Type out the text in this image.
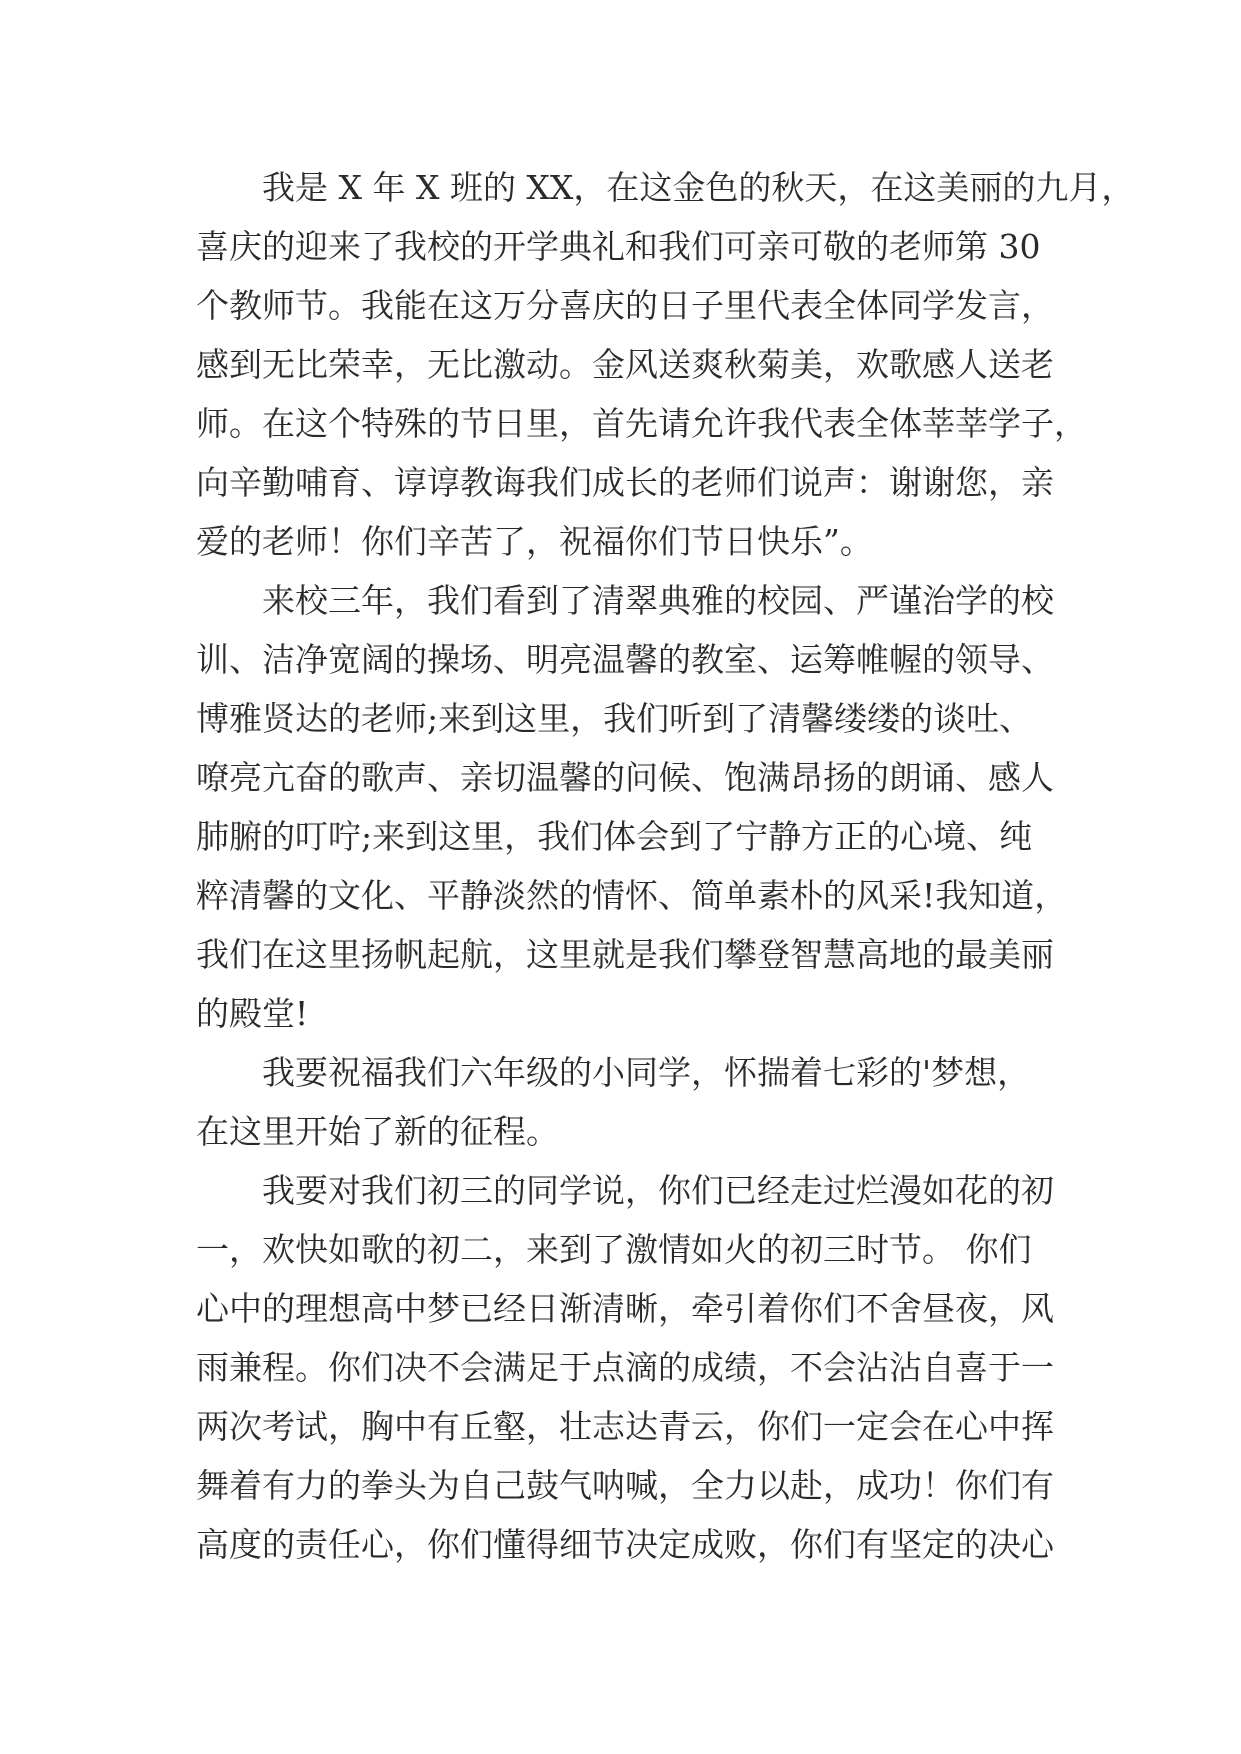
我是 X 年 X 班的 XX，在这金色的秋天，在这美丽的九月，
喜庆的迎来了我校的开学典礼和我们可亲可敬的老师第 30
个教师节。我能在这万分喜庆的日子里代表全体同学发言，
感到无比荣幸，无比激动。金风送爽秋菊美，欢歌感人送老
师。在这个特殊的节日里，首先请允许我代表全体莘莘学子，
向辛勤哺育、谆谆教诲我们成长的老师们说声：谢谢您，亲
爱的老师！你们辛苦了，祝福你们节日快乐”。
来校三年，我们看到了清翠典雅的校园、严谨治学的校
训、洁净宽阔的操场、明亮温馨的教室、运筹帷幄的领导、
博雅贤达的老师;来到这里，我们听到了清馨缕缕的谈吐、
嘹亮亢奋的歌声、亲切温馨的问候、饱满昂扬的朗诵、感人
肺腑的叮咛;来到这里，我们体会到了宁静方正的心境、纯
粹清馨的文化、平静淡然的情怀、简单素朴的风采!我知道，
我们在这里扬帆起航，这里就是我们攀登智慧高地的最美丽
的殿堂!
我要祝福我们六年级的小同学，怀揣着七彩的'梦想，
在这里开始了新的征程。
我要对我们初三的同学说，你们已经走过烂漫如花的初
一，欢快如歌的初二，来到了激情如火的初三时节。 你们
心中的理想高中梦已经日渐清晰，牵引着你们不舍昼夜，风
雨兼程。你们决不会满足于点滴的成绩，不会沾沾自喜于一
两次考试，胸中有丘壑，壮志达青云，你们一定会在心中挥
舞着有力的拳头为自己鼓气呐喊，全力以赴，成功！你们有
高度的责任心，你们懂得细节决定成败，你们有坚定的决心
